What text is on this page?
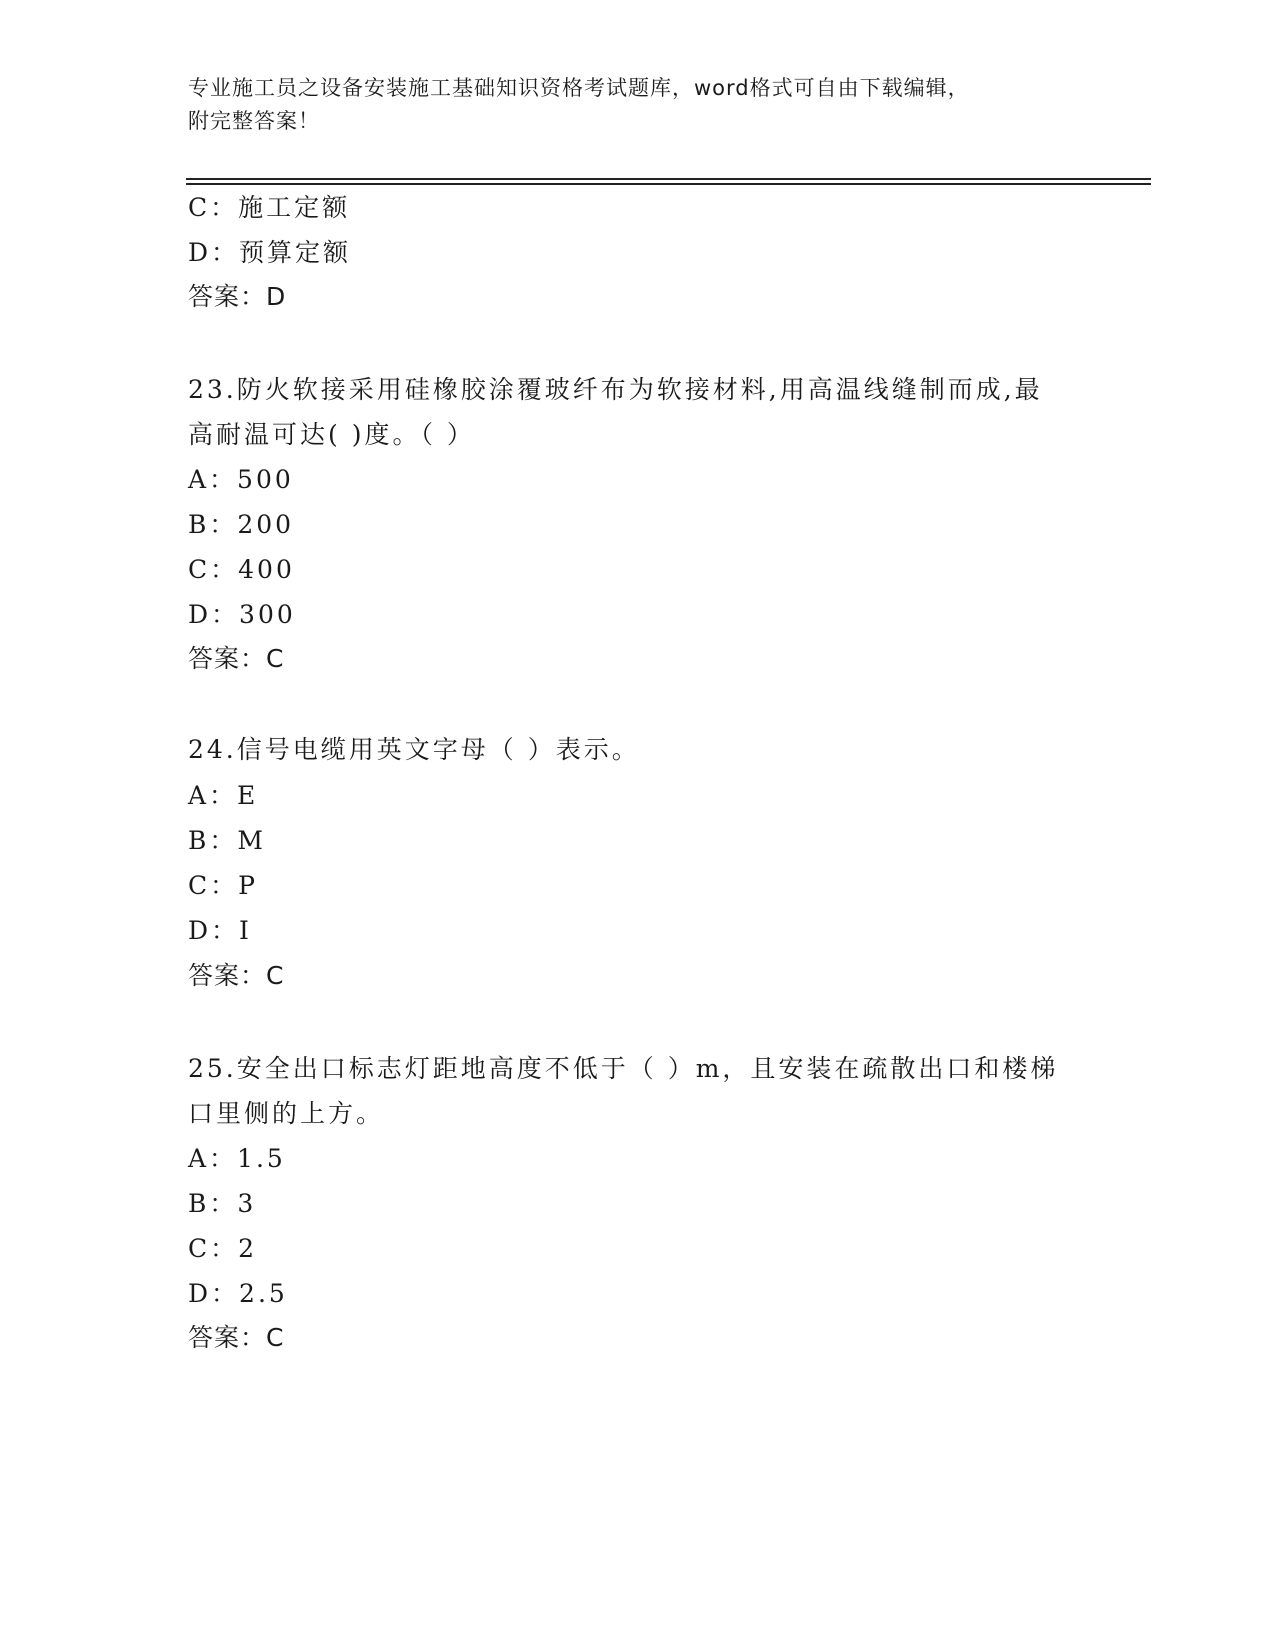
专业施工员之设备安装施工基础知识资格考试题库，word格式可自由下载编辑，
附完整答案！
C：施工定额
D：预算定额
答案：D
23.防火软接采用硅橡胶涂覆玻纤布为软接材料,用高温线缝制而成,最
高耐温可达( )度。（ ）
A：500
B：200
C：400
D：300
答案：C
24.信号电缆用英文字母（ ）表示。
A：E
B：M
C：P
D：I
答案：C
25.安全出口标志灯距地高度不低于（ ）m，且安装在疏散出口和楼梯
口里侧的上方。
A：1.5
B：3
C：2
D：2.5
答案：C
